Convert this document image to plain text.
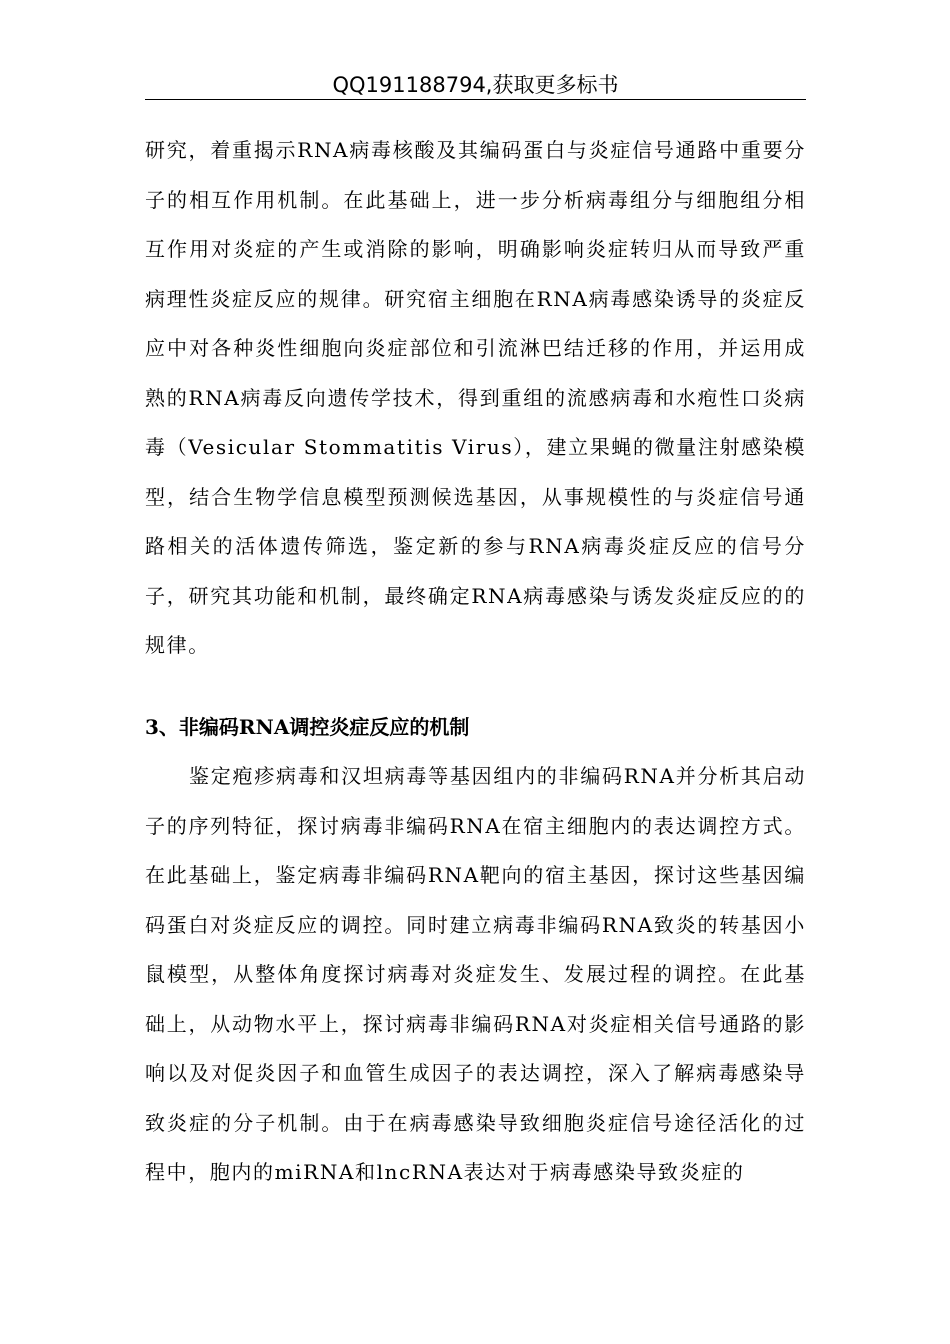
QQ191188794,获取更多标书

研究，着重揭示RNA病毒核酸及其编码蛋白与炎症信号通路中重要分子的相互作用机制。在此基础上，进一步分析病毒组分与细胞组分相互作用对炎症的产生或消除的影响，明确影响炎症转归从而导致严重病理性炎症反应的规律。研究宿主细胞在RNA病毒感染诱导的炎症反应中对各种炎性细胞向炎症部位和引流淋巴结迁移的作用，并运用成熟的RNA病毒反向遗传学技术，得到重组的流感病毒和水疱性口炎病毒（Vesicular Stommatitis Virus），建立果蝇的微量注射感染模型，结合生物学信息模型预测候选基因，从事规模性的与炎症信号通路相关的活体遗传筛选，鉴定新的参与RNA病毒炎症反应的信号分子，研究其功能和机制，最终确定RNA病毒感染与诱发炎症反应的的规律。

3、非编码RNA调控炎症反应的机制

鉴定疱疹病毒和汉坦病毒等基因组内的非编码RNA并分析其启动子的序列特征，探讨病毒非编码RNA在宿主细胞内的表达调控方式。在此基础上，鉴定病毒非编码RNA靶向的宿主基因，探讨这些基因编码蛋白对炎症反应的调控。同时建立病毒非编码RNA致炎的转基因小鼠模型，从整体角度探讨病毒对炎症发生、发展过程的调控。在此基础上，从动物水平上，探讨病毒非编码RNA对炎症相关信号通路的影响以及对促炎因子和血管生成因子的表达调控，深入了解病毒感染导致炎症的分子机制。由于在病毒感染导致细胞炎症信号途径活化的过程中，胞内的miRNA和lncRNA表达对于病毒感染导致炎症的
